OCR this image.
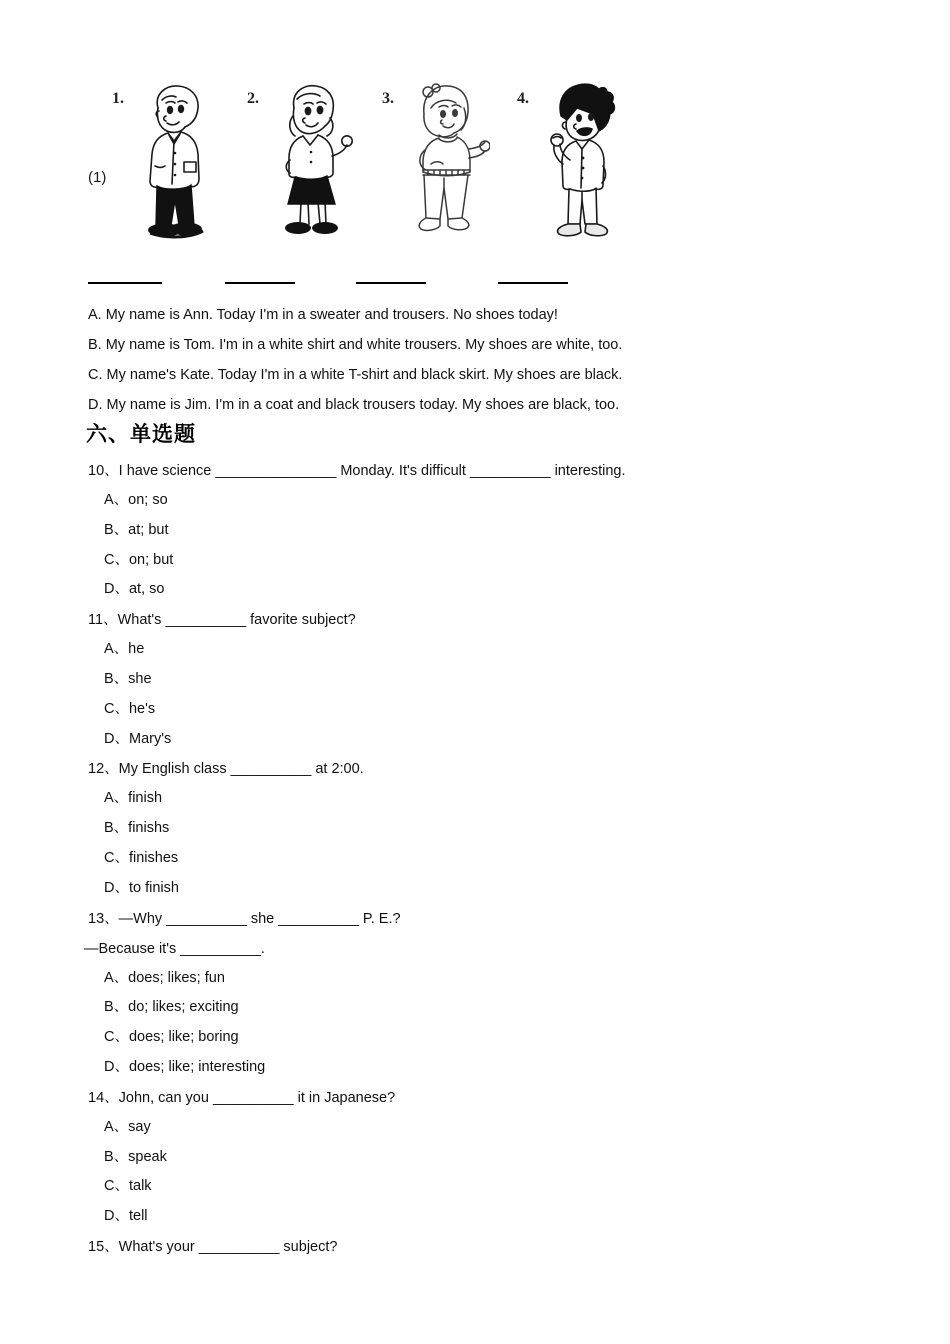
(1)
1.	2.	3.	4.
A. My name is Ann. Today I'm in a sweater and trousers. No shoes today!
B. My name is Tom. I'm in a white shirt and white trousers. My shoes are white, too.
C. My name's Kate. Today I'm in a white T-shirt and black skirt. My shoes are black.
D. My name is Jim. I'm in a coat and black trousers today. My shoes are black, too.
六、单选题
10、I have science _______________ Monday. It's difficult __________ interesting.
A、on; so
B、at; but
C、on; but
D、at, so
11、What's __________ favorite subject?
A、he
B、she
C、he's
D、Mary's
12、My English class __________ at 2:00.
A、finish
B、finishs
C、finishes
D、to finish
13、—Why __________ she __________ P. E.?
—Because it's __________.
A、does; likes; fun
B、do; likes; exciting
C、does; like; boring
D、does; like; interesting
14、John, can you __________ it in Japanese?
A、say
B、speak
C、talk
D、tell
15、What's your __________ subject?
